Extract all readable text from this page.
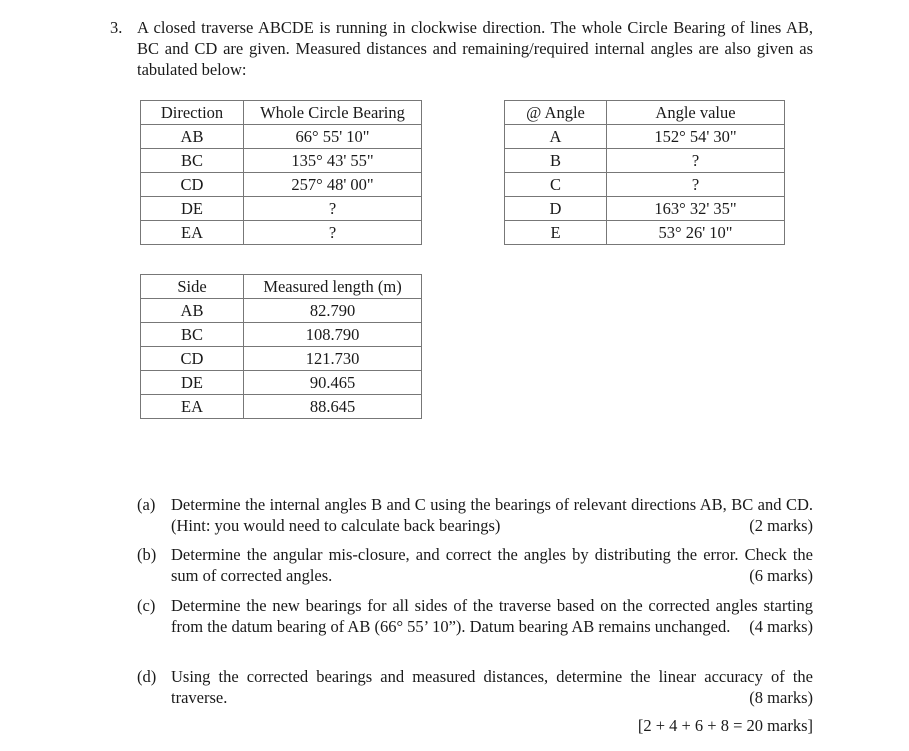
3. A closed traverse ABCDE is running in clockwise direction. The whole Circle Bearing of lines AB, BC and CD are given. Measured distances and remaining/required internal angles are also given as tabulated below:
Direction	Whole Circle Bearing
AB	66° 55' 10"
BC	135° 43' 55"
CD	257° 48' 00"
DE	?
EA	?
@ Angle	Angle value
A	152° 54' 30"
B	?
C	?
D	163° 32' 35"
E	53° 26' 10"
Side	Measured length (m)
AB	82.790
BC	108.790
CD	121.730
DE	90.465
EA	88.645
(a) Determine the internal angles B and C using the bearings of relevant directions AB, BC and CD. (Hint: you would need to calculate back bearings)	(2 marks)
(b) Determine the angular mis-closure, and correct the angles by distributing the error. Check the sum of corrected angles.	(6 marks)
(c) Determine the new bearings for all sides of the traverse based on the corrected angles starting from the datum bearing of AB (66° 55’ 10”). Datum bearing AB remains unchanged.	(4 marks)
(d) Using the corrected bearings and measured distances, determine the linear accuracy of the traverse.	(8 marks)
[2 + 4 + 6 + 8 = 20 marks]
